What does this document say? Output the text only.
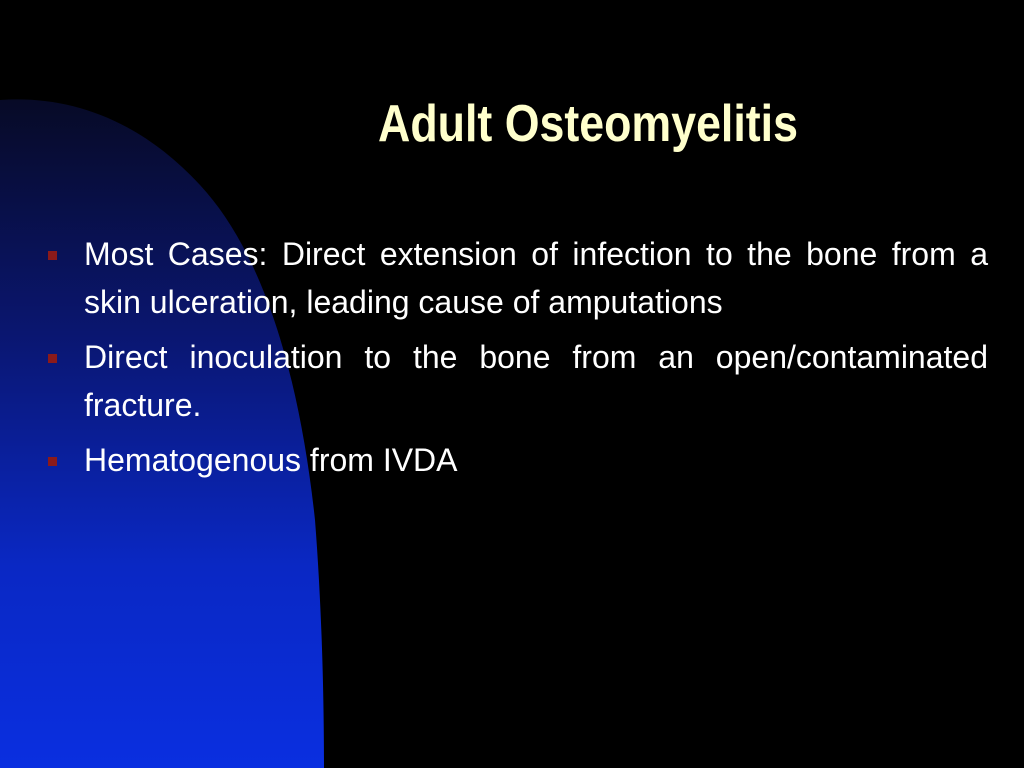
Adult Osteomyelitis
Most Cases: Direct extension of infection to the bone from a skin ulceration, leading cause of amputations
Direct inoculation to the bone from an open/contaminated fracture.
Hematogenous from IVDA
